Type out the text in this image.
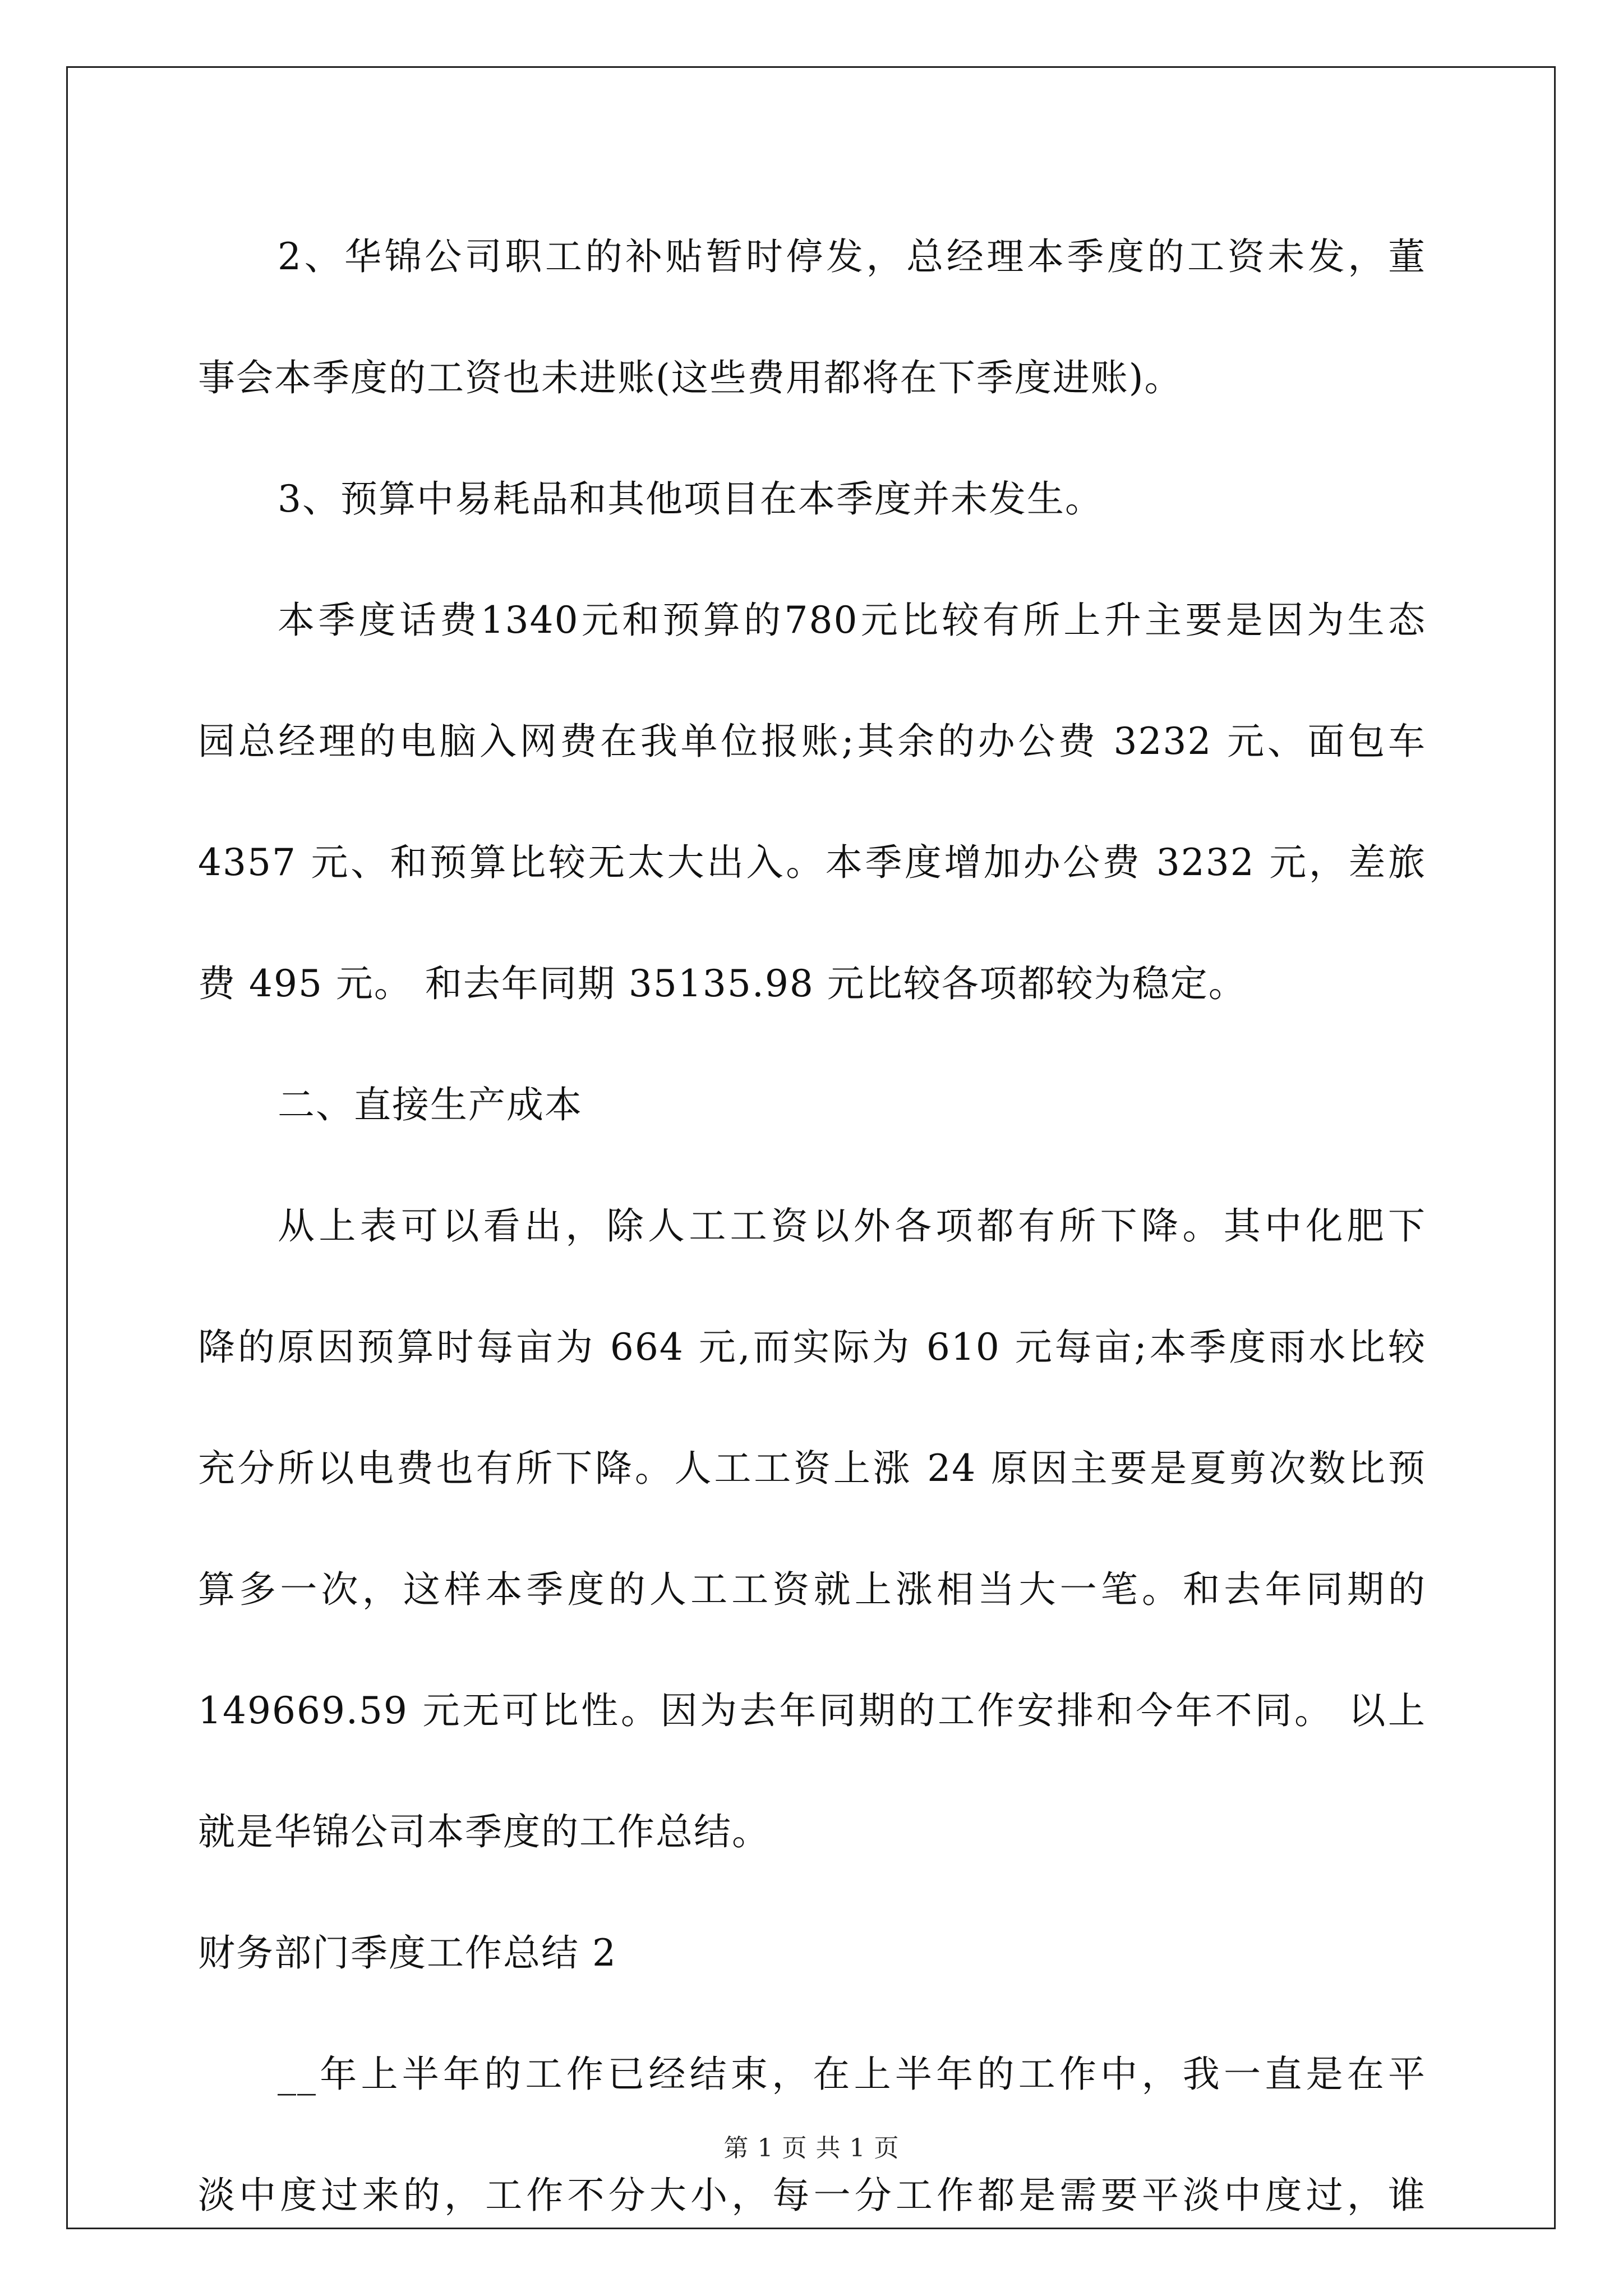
2、华锦公司职工的补贴暂时停发，总经理本季度的工资未发，董
事会本季度的工资也未进账(这些费用都将在下季度进账)。
3、预算中易耗品和其他项目在本季度并未发生。
本季度话费1340元和预算的780元比较有所上升主要是因为生态
园总经理的电脑入网费在我单位报账;其余的办公费 3232 元、面包车
4357 元、和预算比较无太大出入。本季度增加办公费 3232 元，差旅
费 495 元。 和去年同期 35135.98 元比较各项都较为稳定。
二、直接生产成本
从上表可以看出，除人工工资以外各项都有所下降。其中化肥下
降的原因预算时每亩为 664 元,而实际为 610 元每亩;本季度雨水比较
充分所以电费也有所下降。人工工资上涨 24 原因主要是夏剪次数比预
算多一次，这样本季度的人工工资就上涨相当大一笔。和去年同期的
149669.59 元无可比性。因为去年同期的工作安排和今年不同。 以上
就是华锦公司本季度的工作总结。
财务部门季度工作总结 2
__年上半年的工作已经结束，在上半年的工作中，我一直是在平
淡中度过来的，工作不分大小，每一分工作都是需要平淡中度过，谁
第 1 页 共 1 页
